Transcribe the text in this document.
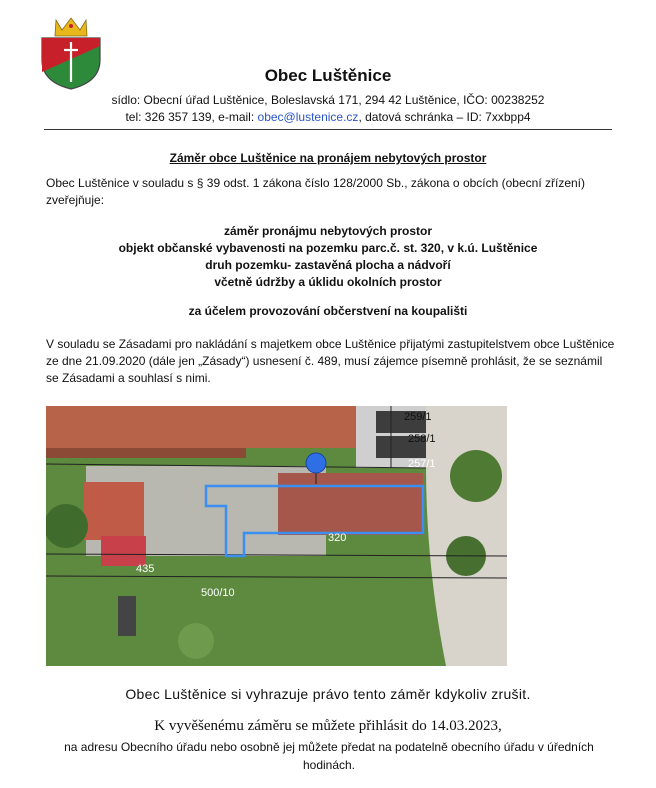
Obec Luštěnice
sídlo: Obecní úřad Luštěnice, Boleslavská 171, 294 42 Luštěnice, IČO: 00238252
tel: 326 357 139, e-mail: obec@lustenice.cz, datová schránka – ID: 7xxbpp4
Záměr obce Luštěnice na pronájem nebytových prostor
Obec Luštěnice v souladu s § 39 odst. 1 zákona číslo 128/2000 Sb., zákona o obcích (obecní zřízení) zveřejňuje:
záměr pronájmu nebytových prostor
objekt občanské vybavenosti na pozemku parc.č. st. 320, v k.ú. Luštěnice
druh pozemku- zastavěná plocha a nádvoří
včetně údržby a úklidu okolních prostor
za účelem provozování občerstvení na koupališti
V souladu se Zásadami pro nakládání s majetkem obce Luštěnice přijatými zastupitelstvem obce Luštěnice ze dne 21.09.2020 (dále jen „Zásady“) usnesení č. 489, musí zájemce písemně prohlásit, že se seznámil se Zásadami a souhlasí s nimi.
259/1
258/1
257/1
320
435
500/10
Obec Luštěnice si vyhrazuje právo tento záměr kdykoliv zrušit.
K vyvěšenému záměru se můžete přihlásit do 14.03.2023,
na adresu Obecního úřadu nebo osobně jej můžete předat na podatelně obecního úřadu v úředních hodinách.
